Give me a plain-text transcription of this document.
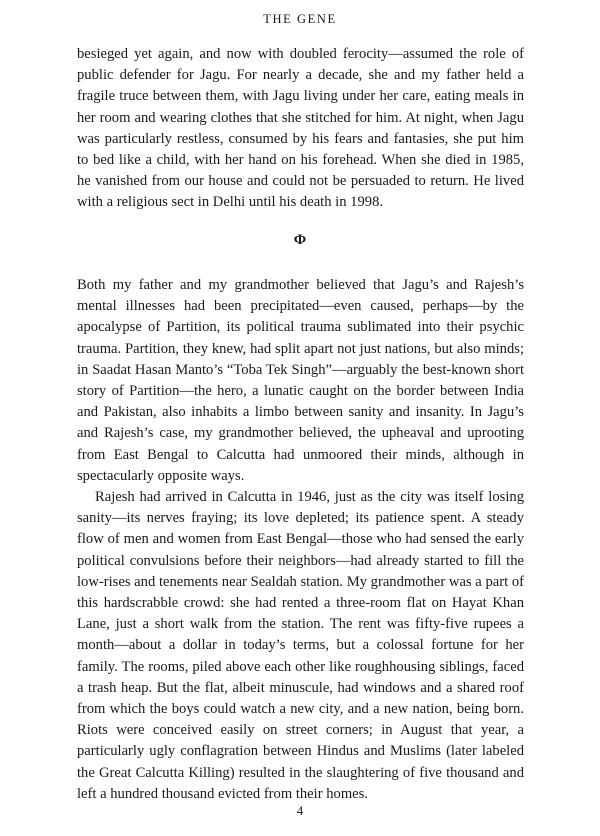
THE GENE

besieged yet again, and now with doubled ferocity—assumed the role of public defender for Jagu. For nearly a decade, she and my father held a fragile truce between them, with Jagu living under her care, eating meals in her room and wearing clothes that she stitched for him. At night, when Jagu was particularly restless, consumed by his fears and fantasies, she put him to bed like a child, with her hand on his forehead. When she died in 1985, he vanished from our house and could not be persuaded to return. He lived with a religious sect in Delhi until his death in 1998.

Φ

Both my father and my grandmother believed that Jagu’s and Rajesh’s mental illnesses had been precipitated—even caused, perhaps—by the apocalypse of Partition, its political trauma sublimated into their psychic trauma. Partition, they knew, had split apart not just nations, but also minds; in Saadat Hasan Manto’s “Toba Tek Singh”—arguably the best-known short story of Partition—the hero, a lunatic caught on the border between India and Pakistan, also inhabits a limbo between sanity and insanity. In Jagu’s and Rajesh’s case, my grandmother believed, the upheaval and uprooting from East Bengal to Calcutta had unmoored their minds, although in spectacularly opposite ways.

Rajesh had arrived in Calcutta in 1946, just as the city was itself losing sanity—its nerves fraying; its love depleted; its patience spent. A steady flow of men and women from East Bengal—those who had sensed the early political convulsions before their neighbors—had already started to fill the low-rises and tenements near Sealdah station. My grandmother was a part of this hardscrabble crowd: she had rented a three-room flat on Hayat Khan Lane, just a short walk from the station. The rent was fifty-five rupees a month—about a dollar in today’s terms, but a colossal fortune for her family. The rooms, piled above each other like roughhousing siblings, faced a trash heap. But the flat, albeit minuscule, had windows and a shared roof from which the boys could watch a new city, and a new nation, being born. Riots were conceived easily on street corners; in August that year, a particularly ugly conflagration between Hindus and Muslims (later labeled the Great Calcutta Killing) resulted in the slaughtering of five thousand and left a hundred thousand evicted from their homes.

4
